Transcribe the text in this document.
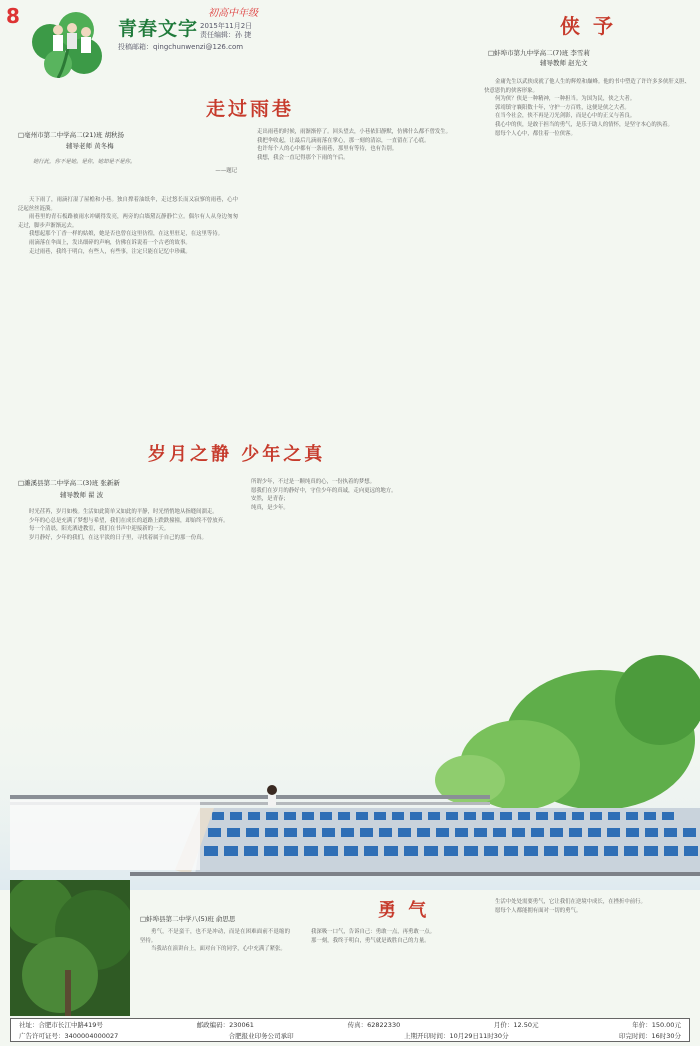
8
青春文字
初高中年级
2015年11月2日
责任编辑：孙 捷
投稿邮箱：qingchunwenzi@126.com
走过雨巷
□亳州市第二中学高二(21)班 胡秋扬
辅导老师 黄冬梅

她行此，你不是她。是你，她却是不是你。

——题记

天下雨了，雨滴打湿了屋檐和小巷。独自撑着油纸伞，走过悠长而又寂寥的雨巷，心中泛起丝丝涟漪。

雨巷里的青石板路被雨水冲刷得发亮，两旁的白墙黛瓦静静伫立。偶尔有人从身边匆匆走过，脚步声渐渐远去。

我想起那个丁香一样的姑娘，她是否也曾在这里彷徨，在这里驻足，在这里等待。

雨滴落在伞面上，发出细碎的声响，仿佛在诉说着一个古老的故事。

走过雨巷，我终于明白，有些人，有些事，注定只能在记忆中珍藏。

走出雨巷的时候，雨渐渐停了。回头望去，小巷依旧静默，仿佛什么都不曾发生。

我把伞收起，让最后几滴雨落在掌心，那一刻的清凉，一直留在了心底。

也许每个人的心中都有一条雨巷，那里有等待，也有告别。

我想，我会一直记得那个下雨的午后。

侠 予
□蚌埠市第九中学高二(7)班 李雪莉
辅导教师 赵光文

金庸先生以武侠成就了他人生的辉煌和巅峰。他的书中塑造了许许多多侠肝义胆、快意恩仇的侠客形象。

何为侠？侠是一种精神，一种担当。为国为民，侠之大者。

郭靖镇守襄阳数十年，守护一方百姓，这便是侠之大者。

在当今社会，侠不再是刀光剑影，而是心中的正义与善良。

我心中的侠，是敢于担当的勇气，是乐于助人的情怀，是坚守本心的执着。

愿每个人心中，都住着一位侠客。

岁月之静 少年之真
□濉溪县第二中学高二(3)班 张新新
辅导教师 翟 波

时光荏苒，岁月如梭。生活如此简单又如此的平静，时光悄悄地从指缝间溜走。

少年的心总是充满了梦想与希望，我们在成长的道路上跌跌撞撞，却始终不曾放弃。

每一个清晨，阳光洒进教室，我们在书声中迎接新的一天。

岁月静好，少年的我们，在这平淡的日子里，寻找着属于自己的那一份真。

所谓少年，不过是一颗纯真的心，一份执着的梦想。

愿我们在岁月的静好中，守住少年的真诚，走向更远的地方。

安然，是青春；

纯真，是少年。

勇 气
□蚌埠县第二中学八(5)班 俞思思

勇气，不是蛮干，也不是冲动，而是在困难面前不退缩的坚持。

当我站在演讲台上，面对台下的同学，心中充满了紧张。

我深吸一口气，告诉自己：勇敢一点，再勇敢一点。

那一刻，我终于明白，勇气就是战胜自己的力量。

生活中处处需要勇气，它让我们在逆境中成长，在挫折中前行。

愿每个人都能拥有面对一切的勇气。

社址：合肥市长江中路419号	邮政编码：230061	传真：62822330	月价：12.50元	年价：150.00元
广告许可证号：3400004000027	合肥报业印务公司承印	上期开印时间：10月29日11时30分	印完时间：16时30分
